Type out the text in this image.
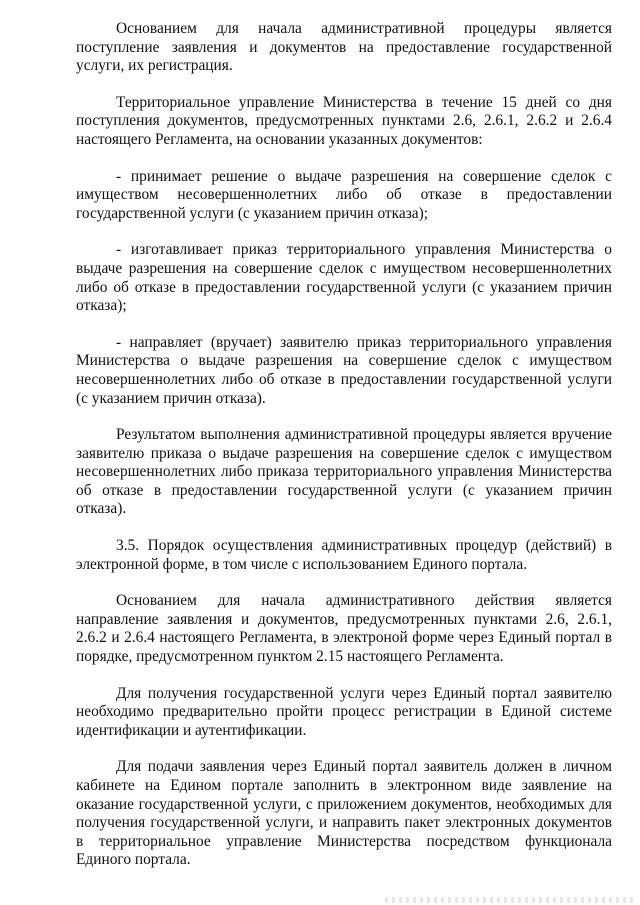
Основанием для начала административной процедуры является поступление заявления и документов на предоставление государственной услуги, их регистрация.

Территориальное управление Министерства в течение 15 дней со дня поступления документов, предусмотренных пунктами 2.6, 2.6.1, 2.6.2 и 2.6.4 настоящего Регламента, на основании указанных документов:

- принимает решение о выдаче разрешения на совершение сделок с имуществом несовершеннолетних либо об отказе в предоставлении государственной услуги (с указанием причин отказа);

- изготавливает приказ территориального управления Министерства о выдаче разрешения на совершение сделок с имуществом несовершеннолетних либо об отказе в предоставлении государственной услуги (с указанием причин отказа);

- направляет (вручает) заявителю приказ территориального управления Министерства о выдаче разрешения на совершение сделок с имуществом несовершеннолетних либо об отказе в предоставлении государственной услуги (с указанием причин отказа).

Результатом выполнения административной процедуры является вручение заявителю приказа о выдаче разрешения на совершение сделок с имуществом несовершеннолетних либо приказа территориального управления Министерства об отказе в предоставлении государственной услуги (с указанием причин отказа).

3.5. Порядок осуществления административных процедур (действий) в электронной форме, в том числе с использованием Единого портала.

Основанием для начала административного действия является направление заявления и документов, предусмотренных пунктами 2.6, 2.6.1, 2.6.2 и 2.6.4 настоящего Регламента, в электроной форме через Единый портал в порядке, предусмотренном пунктом 2.15 настоящего Регламента.

Для получения государственной услуги через Единый портал заявителю необходимо предварительно пройти процесс регистрации в Единой системе идентификации и аутентификации.

Для подачи заявления через Единый портал заявитель должен в личном кабинете на Едином портале заполнить в электронном виде заявление на оказание государственной услуги, с приложением документов, необходимых для получения государственной услуги, и направить пакет электронных документов в территориальное управление Министерства посредством функционала Единого портала.
